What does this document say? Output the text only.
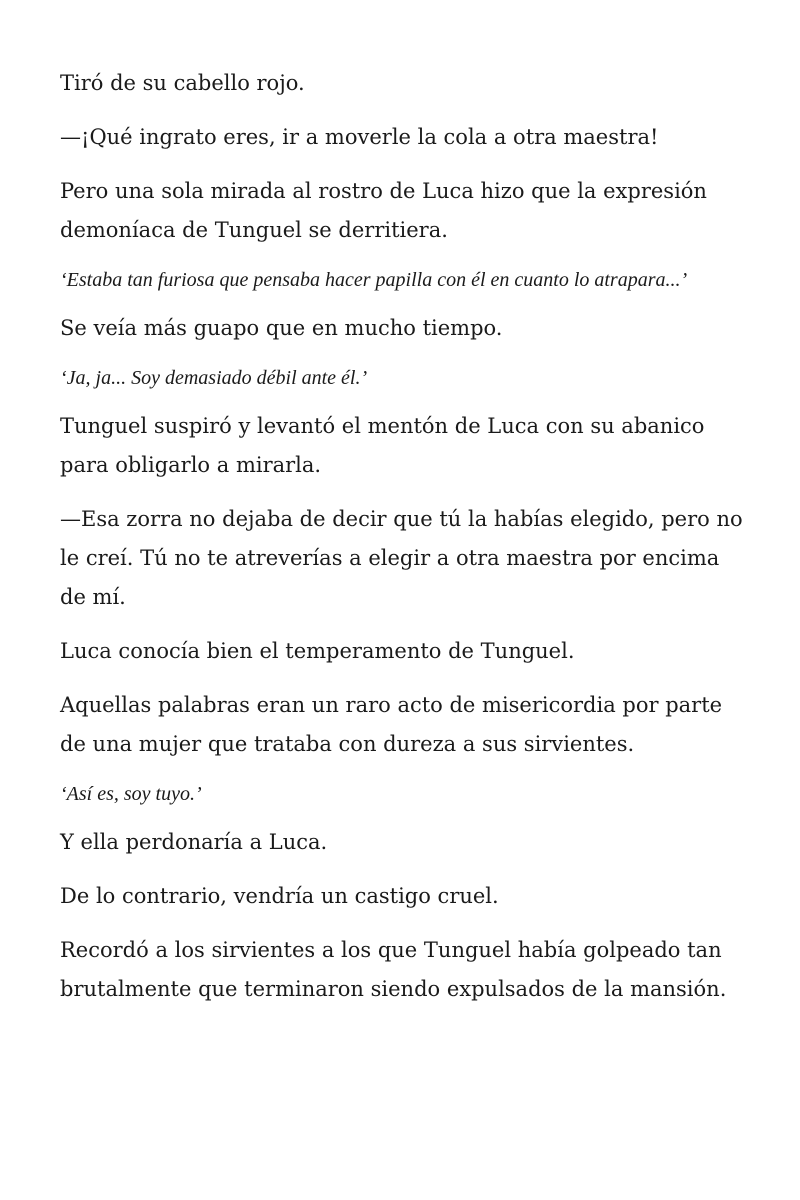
Tiró de su cabello rojo.

—¡Qué ingrato eres, ir a moverle la cola a otra maestra!

Pero una sola mirada al rostro de Luca hizo que la expresión demoníaca de Tunguel se derritiera.

‘Estaba tan furiosa que pensaba hacer papilla con él en cuanto lo atrapara...’

Se veía más guapo que en mucho tiempo.

‘Ja, ja... Soy demasiado débil ante él.’

Tunguel suspiró y levantó el mentón de Luca con su abanico para obligarlo a mirarla.

—Esa zorra no dejaba de decir que tú la habías elegido, pero no le creí. Tú no te atreverías a elegir a otra maestra por encima de mí.

Luca conocía bien el temperamento de Tunguel.

Aquellas palabras eran un raro acto de misericordia por parte de una mujer que trataba con dureza a sus sirvientes.

‘Así es, soy tuyo.’

Y ella perdonaría a Luca.

De lo contrario, vendría un castigo cruel.

Recordó a los sirvientes a los que Tunguel había golpeado tan brutalmente que terminaron siendo expulsados de la mansión.
